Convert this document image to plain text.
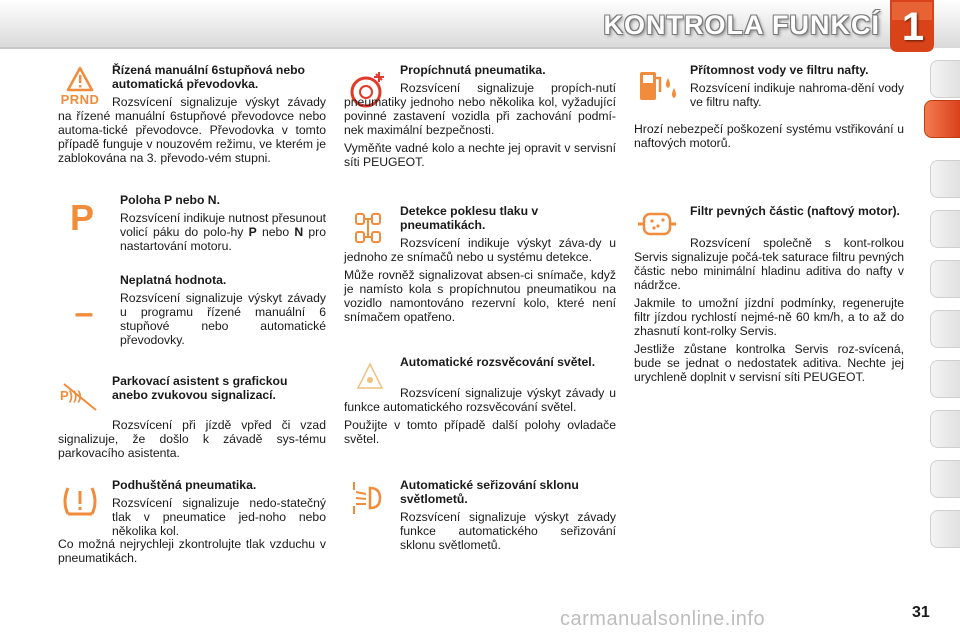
KONTROLA FUNKCÍ 1
PRND
Řízená manuální 6stupňová nebo automatická převodovka.

Rozsvícení signalizuje výskyt závady na řízené manuální 6stupňové převodovce nebo automa-tické převodovce. Převodovka v tomto případě funguje v nouzovém režimu, ve kterém je zablokována na 3. převodo-vém stupni.

P	Poloha P nebo N.

Rozsvícení indikuje nutnost přesunout volicí páku do polo-hy P nebo N pro nastartování motoru.

–
Neplatná hodnota.

Rozsvícení signalizuje výskyt závady u programu řízené manuální 6 stupňové nebo automatické převodovky.

P)))
Parkovací asistent s grafickou anebo zvukovou signalizací.

Rozsvícení při jízdě vpřed či vzad signalizuje, že došlo k závadě sys-tému parkovacího asistenta.

Podhuštěná pneumatika.

Rozsvícení signalizuje nedo-statečný tlak v pneumatice jed-noho nebo několika kol.

Co možná nejrychleji zkontrolujte tlak vzduchu v pneumatikách.

Propíchnutá pneumatika.

Rozsvícení signalizuje propích-nutí pneumatiky jednoho nebo několika kol, vyžadující povinné zastavení vozidla při zachování podmí-nek maximální bezpečnosti.

Vyměňte vadné kolo a nechte jej opravit v servisní síti PEUGEOT.

Detekce poklesu tlaku v pneumatikách.

Rozsvícení indikuje výskyt záva-dy u jednoho ze snímačů nebo u systému detekce.

Může rovněž signalizovat absen-ci snímače, když je namísto kola s propíchnutou pneumatikou na vozidlo namontováno rezervní kolo, které není snímačem opatřeno.

Automatické rozsvěcování světel.

Rozsvícení signalizuje výskyt závady u funkce automatického rozsvěcování světel.

Použijte v tomto případě další polohy ovladače světel.

Automatické seřizování sklonu světlometů.

Rozsvícení signalizuje výskyt závady funkce automatického seřizování sklonu světlometů.

Přítomnost vody ve filtru nafty.

Rozsvícení indikuje nahroma-dění vody ve filtru nafty.

Hrozí nebezpečí poškození systému vstřikování u naftových motorů.

Filtr pevných částic (naftový motor).

Rozsvícení společně s kont-rolkou Servis signalizuje počá-tek saturace filtru pevných částic nebo minimální hladinu aditiva do nafty v nádržce.

Jakmile to umožní jízdní podmínky, regenerujte filtr jízdou rychlostí nejmé-ně 60 km/h, a to až do zhasnutí kont-rolky Servis.

Jestliže zůstane kontrolka Servis roz-svícená, bude se jednat o nedostatek aditiva. Nechte jej urychleně doplnit v servisní síti PEUGEOT.

carmanualsonline.info	31
